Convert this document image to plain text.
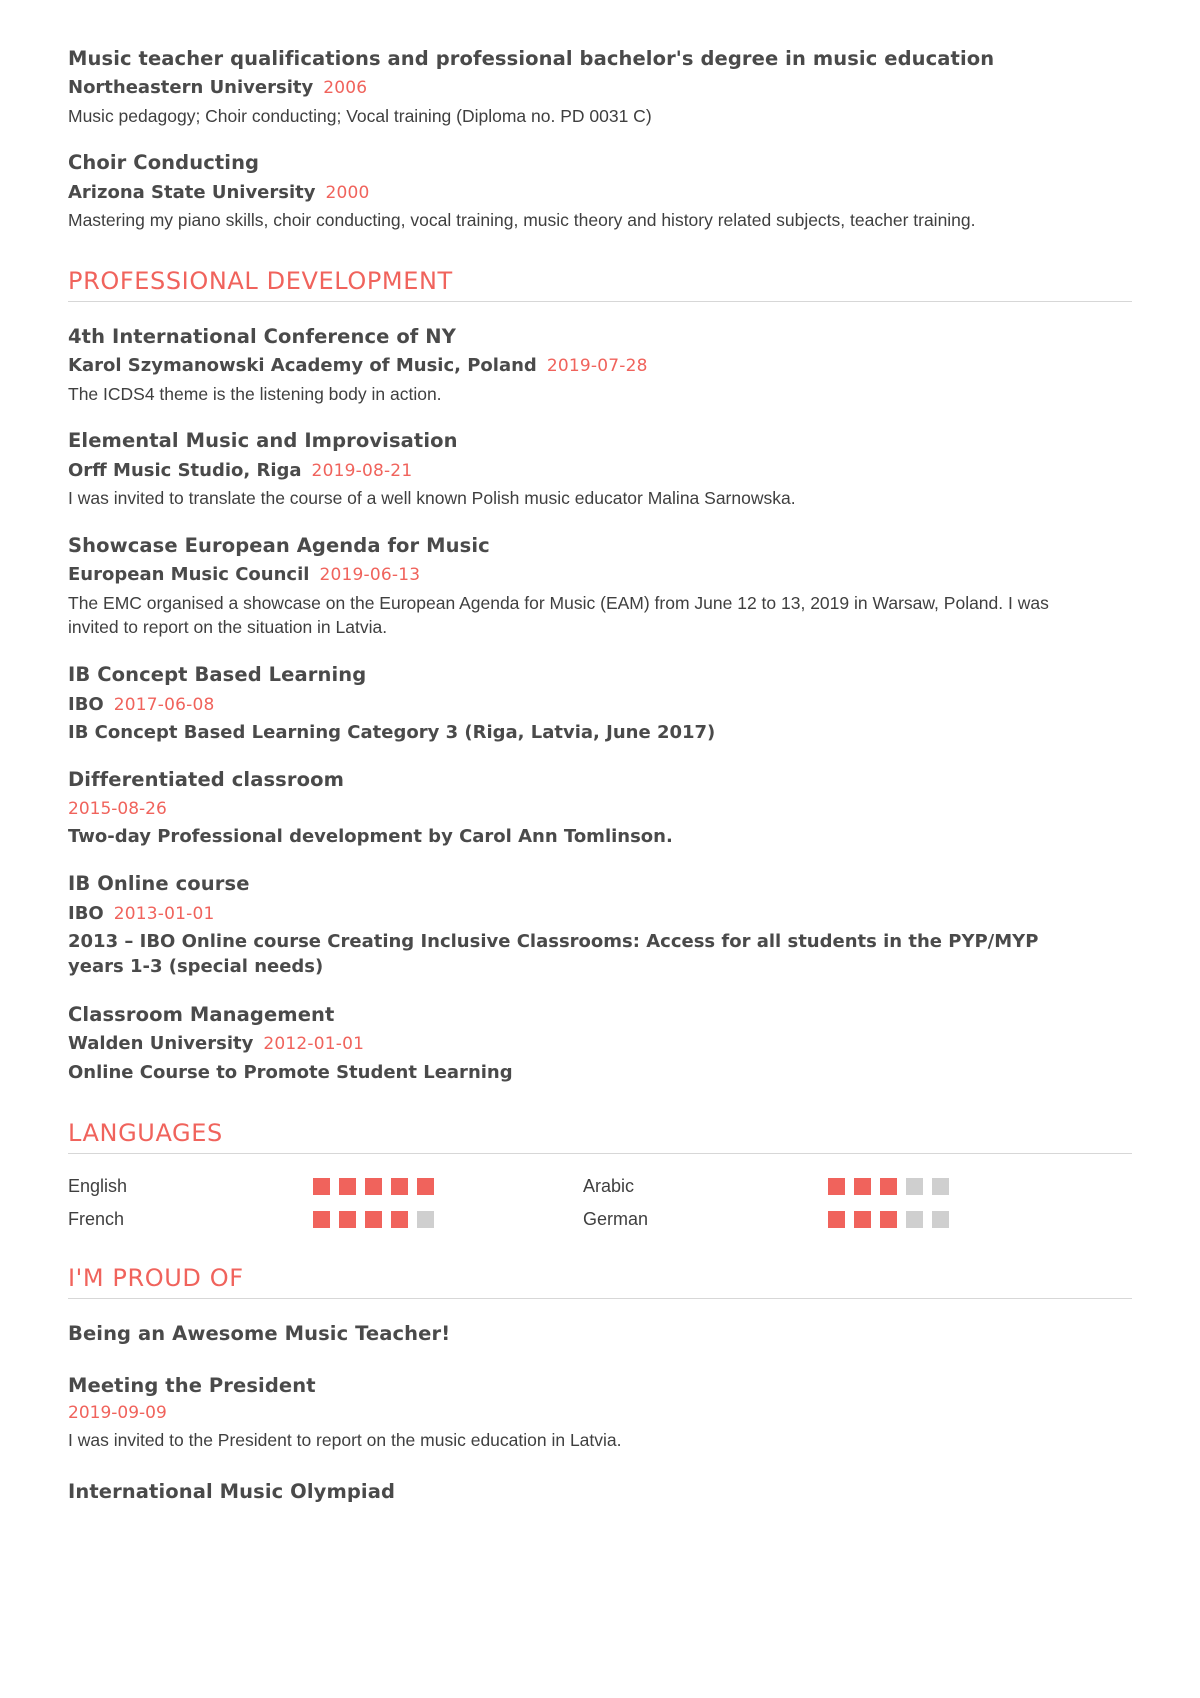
Music teacher qualifications and professional bachelor's degree in music education
Northeastern University 2006

Music pedagogy; Choir conducting; Vocal training (Diploma no. PD 0031 C)

Choir Conducting
Arizona State University 2000

Mastering my piano skills, choir conducting, vocal training, music theory and history related subjects, teacher training.

PROFESSIONAL DEVELOPMENT
4th International Conference of NY
Karol Szymanowski Academy of Music, Poland 2019-07-28

The ICDS4 theme is the listening body in action.

Elemental Music and Improvisation
Orff Music Studio, Riga 2019-08-21

I was invited to translate the course of a well known Polish music educator Malina Sarnowska.

Showcase European Agenda for Music
European Music Council 2019-06-13

The EMC organised a showcase on the European Agenda for Music (EAM) from June 12 to 13, 2019 in Warsaw, Poland. I was invited to report on the situation in Latvia.

IB Concept Based Learning
IBO 2017-06-08

IB Concept Based Learning Category 3 (Riga, Latvia, June 2017)

Differentiated classroom
2015-08-26

Two-day Professional development by Carol Ann Tomlinson.

IB Online course
IBO 2013-01-01

2013 – IBO Online course Creating Inclusive Classrooms: Access for all students in the PYP/MYP years 1-3 (special needs)

Classroom Management
Walden University 2012-01-01

Online Course to Promote Student Learning

LANGUAGES
English	Arabic
French	German
I'M PROUD OF
Being an Awesome Music Teacher!
Meeting the President
2019-09-09

I was invited to the President to report on the music education in Latvia.

International Music Olympiad
